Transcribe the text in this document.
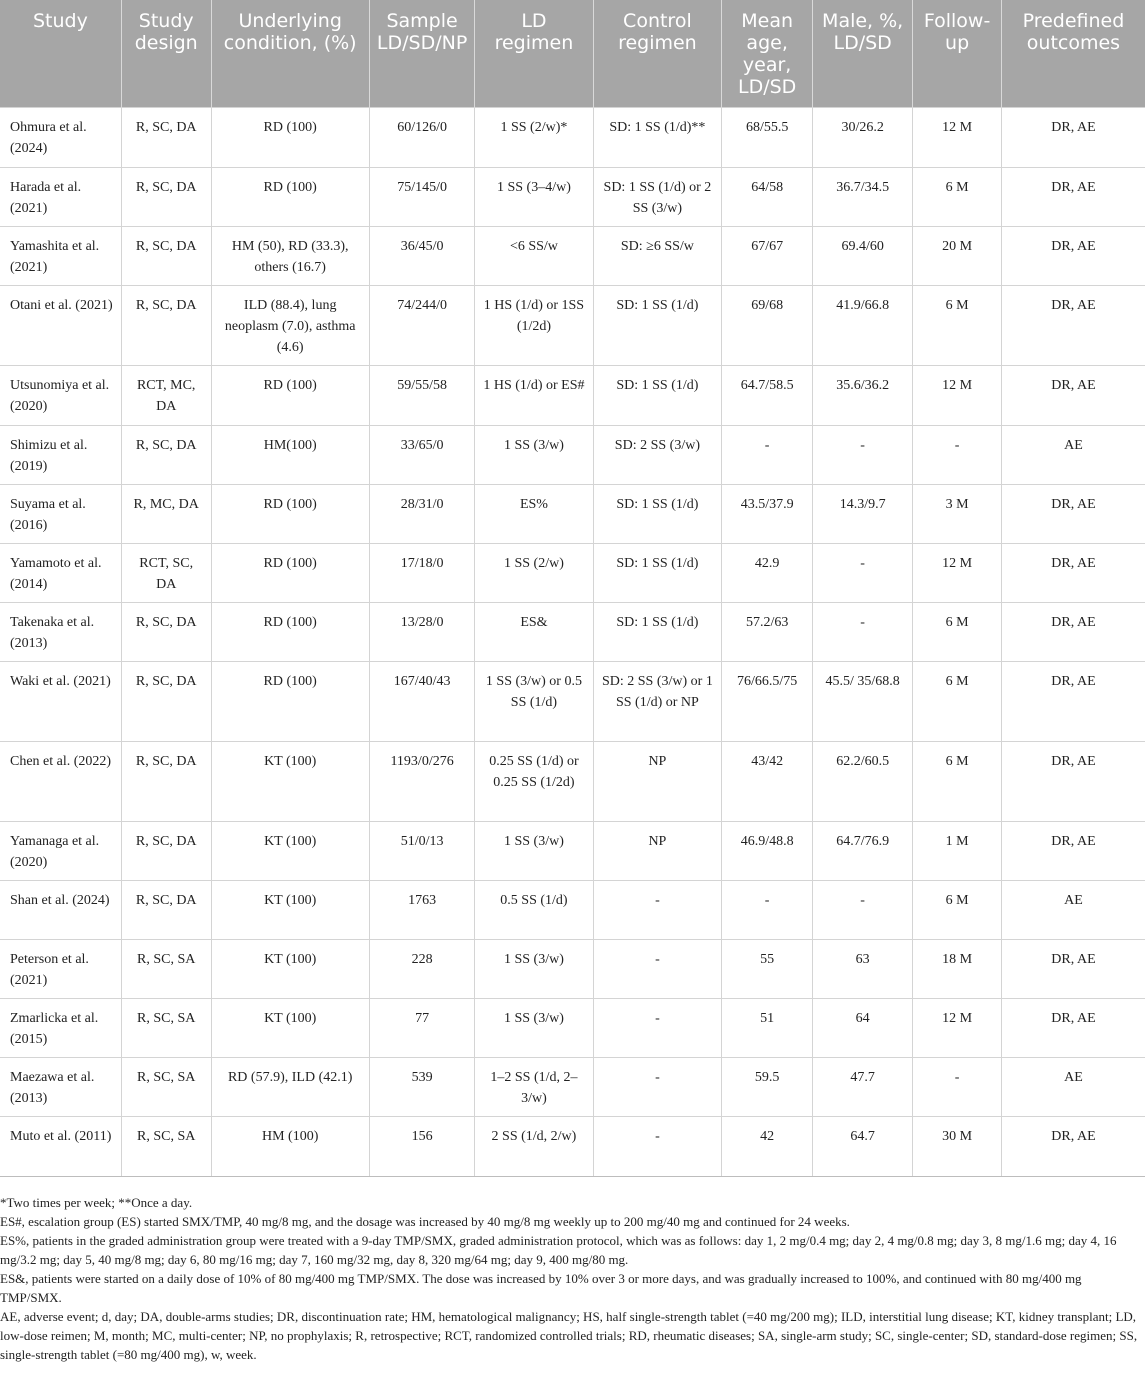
Study	Study design	Underlying condition, (%)	Sample LD/SD/NP	LD regimen	Control regimen	Mean age, year, LD/SD	Male, %, LD/SD	Follow-up	Predefined outcomes
Ohmura et al. (2024)	R, SC, DA	RD (100)	60/126/0	1 SS (2/w)*	SD: 1 SS (1/d)**	68/55.5	30/26.2	12 M	DR, AE
Harada et al. (2021)	R, SC, DA	RD (100)	75/145/0	1 SS (3–4/w)	SD: 1 SS (1/d) or 2 SS (3/w)	64/58	36.7/34.5	6 M	DR, AE
Yamashita et al. (2021)	R, SC, DA	HM (50), RD (33.3), others (16.7)	36/45/0	<6 SS/w	SD: ≥6 SS/w	67/67	69.4/60	20 M	DR, AE
Otani et al. (2021)	R, SC, DA	ILD (88.4), lung neoplasm (7.0), asthma (4.6)	74/244/0	1 HS (1/d) or 1SS (1/2d)	SD: 1 SS (1/d)	69/68	41.9/66.8	6 M	DR, AE
Utsunomiya et al. (2020)	RCT, MC, DA	RD (100)	59/55/58	1 HS (1/d) or ES#	SD: 1 SS (1/d)	64.7/58.5	35.6/36.2	12 M	DR, AE
Shimizu et al. (2019)	R, SC, DA	HM(100)	33/65/0	1 SS (3/w)	SD: 2 SS (3/w)	-	-	-	AE
Suyama et al. (2016)	R, MC, DA	RD (100)	28/31/0	ES%	SD: 1 SS (1/d)	43.5/37.9	14.3/9.7	3 M	DR, AE
Yamamoto et al. (2014)	RCT, SC, DA	RD (100)	17/18/0	1 SS (2/w)	SD: 1 SS (1/d)	42.9	-	12 M	DR, AE
Takenaka et al. (2013)	R, SC, DA	RD (100)	13/28/0	ES&	SD: 1 SS (1/d)	57.2/63	-	6 M	DR, AE
Waki et al. (2021)	R, SC, DA	RD (100)	167/40/43	1 SS (3/w) or 0.5 SS (1/d)	SD: 2 SS (3/w) or 1 SS (1/d) or NP	76/66.5/75	45.5/ 35/68.8	6 M	DR, AE
Chen et al. (2022)	R, SC, DA	KT (100)	1193/0/276	0.25 SS (1/d) or 0.25 SS (1/2d)	NP	43/42	62.2/60.5	6 M	DR, AE
Yamanaga et al. (2020)	R, SC, DA	KT (100)	51/0/13	1 SS (3/w)	NP	46.9/48.8	64.7/76.9	1 M	DR, AE
Shan et al. (2024)	R, SC, DA	KT (100)	1763	0.5 SS (1/d)	-	-	-	6 M	AE
Peterson et al. (2021)	R, SC, SA	KT (100)	228	1 SS (3/w)	-	55	63	18 M	DR, AE
Zmarlicka et al. (2015)	R, SC, SA	KT (100)	77	1 SS (3/w)	-	51	64	12 M	DR, AE
Maezawa et al. (2013)	R, SC, SA	RD (57.9), ILD (42.1)	539	1–2 SS (1/d, 2–3/w)	-	59.5	47.7	-	AE
Muto et al. (2011)	R, SC, SA	HM (100)	156	2 SS (1/d, 2/w)	-	42	64.7	30 M	DR, AE

*Two times per week; **Once a day.

ES#, escalation group (ES) started SMX/TMP, 40 mg/8 mg, and the dosage was increased by 40 mg/8 mg weekly up to 200 mg/40 mg and continued for 24 weeks.

ES%, patients in the graded administration group were treated with a 9-day TMP/SMX, graded administration protocol, which was as follows: day 1, 2 mg/0.4 mg; day 2, 4 mg/0.8 mg; day 3, 8 mg/1.6 mg; day 4, 16 mg/3.2 mg; day 5, 40 mg/8 mg; day 6, 80 mg/16 mg; day 7, 160 mg/32 mg, day 8, 320 mg/64 mg; day 9, 400 mg/80 mg.

ES&, patients were started on a daily dose of 10% of 80 mg/400 mg TMP/SMX. The dose was increased by 10% over 3 or more days, and was gradually increased to 100%, and continued with 80 mg/400 mg TMP/SMX.

AE, adverse event; d, day; DA, double-arms studies; DR, discontinuation rate; HM, hematological malignancy; HS, half single-strength tablet (=40 mg/200 mg); ILD, interstitial lung disease; KT, kidney transplant; LD, low-dose reimen; M, month; MC, multi-center; NP, no prophylaxis; R, retrospective; RCT, randomized controlled trials; RD, rheumatic diseases; SA, single-arm study; SC, single-center; SD, standard-dose regimen; SS, single-strength tablet (=80 mg/400 mg), w, week.
